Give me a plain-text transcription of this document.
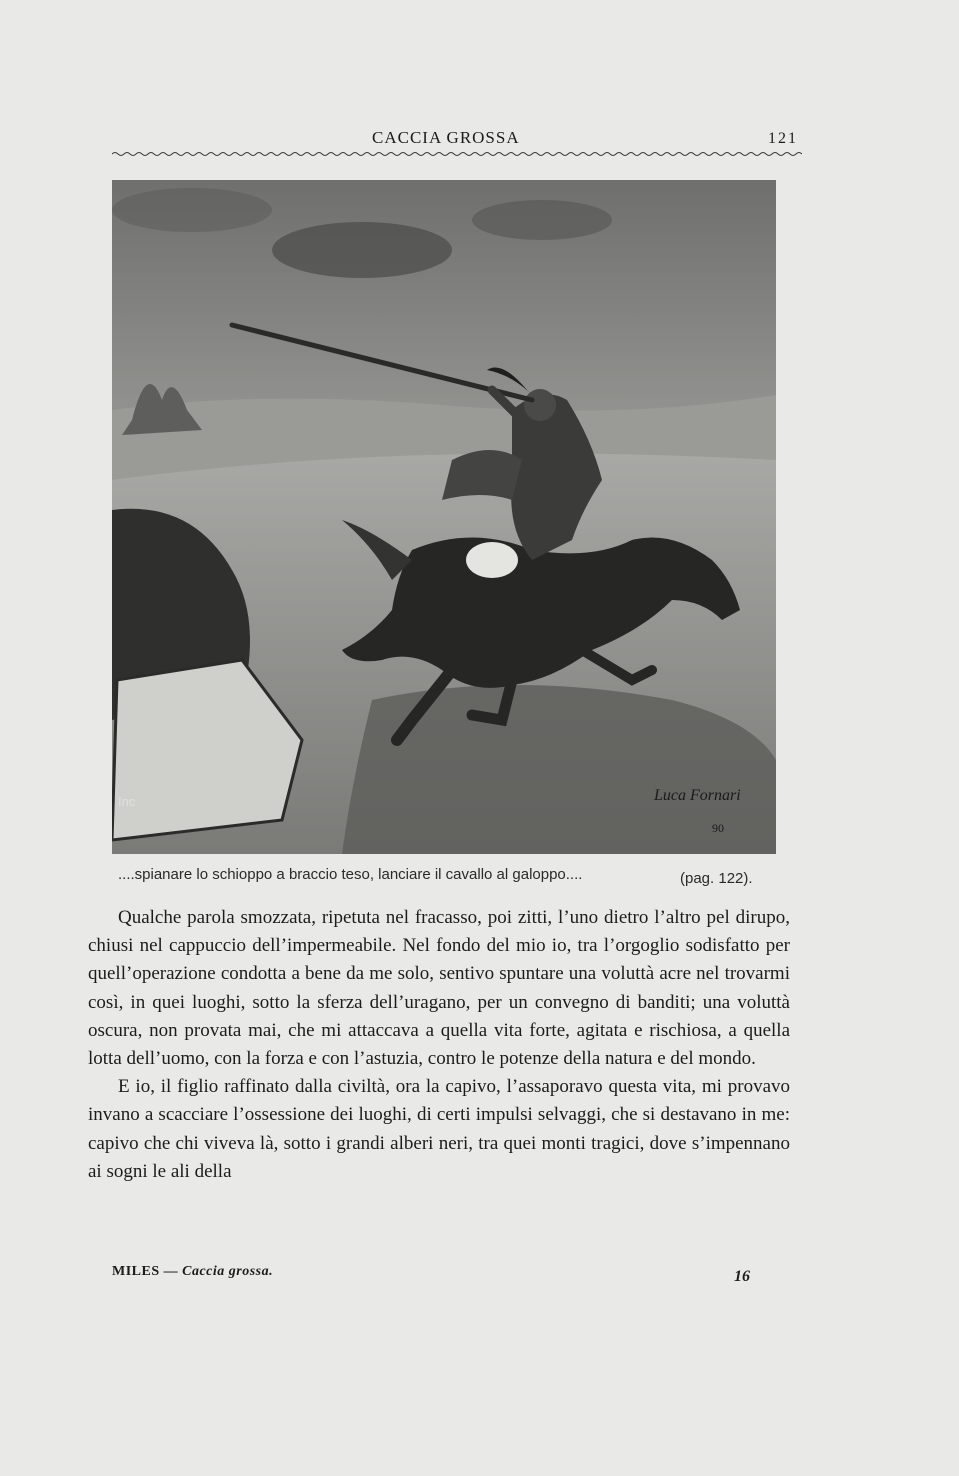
CACCIA GROSSA	121
Luca Fornari
90
Inc
....spianare lo schioppo a braccio teso, lanciare il cavallo al galoppo....	(pag. 122).

Qualche parola smozzata, ripetuta nel fracasso, poi zitti, l’uno dietro l’altro pel dirupo, chiusi nel cappuccio dell’impermeabile. Nel fondo del mio io, tra l’orgoglio sodisfatto per quell’operazione condotta a bene da me solo, sentivo spuntare una voluttà acre nel trovarmi così, in quei luoghi, sotto la sferza dell’uragano, per un convegno di banditi; una voluttà oscura, non provata mai, che mi attaccava a quella vita forte, agitata e rischiosa, a quella lotta dell’uomo, con la forza e con l’astuzia, contro le potenze della natura e del mondo.

E io, il figlio raffinato dalla civiltà, ora la capivo, l’assaporavo questa vita, mi provavo invano a scacciare l’ossessione dei luoghi, di certi impulsi selvaggi, che si destavano in me: capivo che chi viveva là, sotto i grandi alberi neri, tra quei monti tragici, dove s’impennano ai sogni le ali della

MILES — Caccia grossa.	16
